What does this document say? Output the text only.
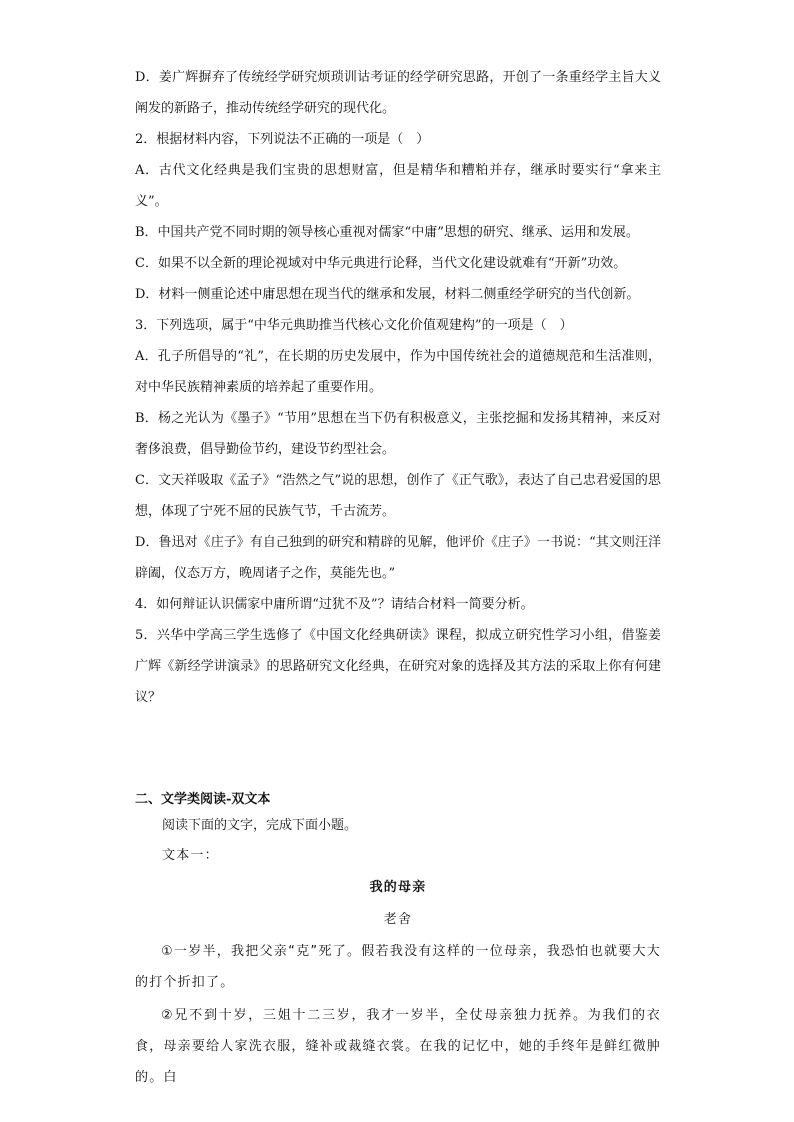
D．姜广辉摒弃了传统经学研究烦琐训诂考证的经学研究思路，开创了一条重经学主旨大义阐发的新路子，推动传统经学研究的现代化。

2．根据材料内容，下列说法不正确的一项是（　）

A．古代文化经典是我们宝贵的思想财富，但是精华和糟粕并存，继承时要实行“拿来主义”。

B．中国共产党不同时期的领导核心重视对儒家“中庸”思想的研究、继承、运用和发展。

C．如果不以全新的理论视域对中华元典进行论释，当代文化建设就难有“开新”功效。

D．材料一侧重论述中庸思想在现当代的继承和发展，材料二侧重经学研究的当代创新。

3．下列选项，属于“中华元典助推当代核心文化价值观建构”的一项是（　）

A．孔子所倡导的“礼”，在长期的历史发展中，作为中国传统社会的道德规范和生活准则，对中华民族精神素质的培养起了重要作用。

B．杨之光认为《墨子》“节用”思想在当下仍有积极意义，主张挖掘和发扬其精神，来反对奢侈浪费，倡导勤俭节约，建设节约型社会。

C．文天祥吸取《孟子》“浩然之气”说的思想，创作了《正气歌》，表达了自己忠君爱国的思想，体现了宁死不屈的民族气节，千古流芳。

D．鲁迅对《庄子》有自己独到的研究和精辟的见解，他评价《庄子》一书说：“其文则汪洋辟阖，仪态万方，晚周诸子之作，莫能先也。”

4．如何辩证认识儒家中庸所谓“过犹不及”？请结合材料一简要分析。

5．兴华中学高三学生选修了《中国文化经典研读》课程，拟成立研究性学习小组，借鉴姜广辉《新经学讲演录》的思路研究文化经典，在研究对象的选择及其方法的采取上你有何建议？

二、文学类阅读-双文本

阅读下面的文字，完成下面小题。

文本一：

我的母亲

老舍

①一岁半，我把父亲“克”死了。假若我没有这样的一位母亲，我恐怕也就要大大的打个折扣了。

②兄不到十岁，三姐十二三岁，我才一岁半，全仗母亲独力抚养。为我们的衣食，母亲要给人家洗衣服，缝补或裁缝衣裳。在我的记忆中，她的手终年是鲜红微肿的。白
